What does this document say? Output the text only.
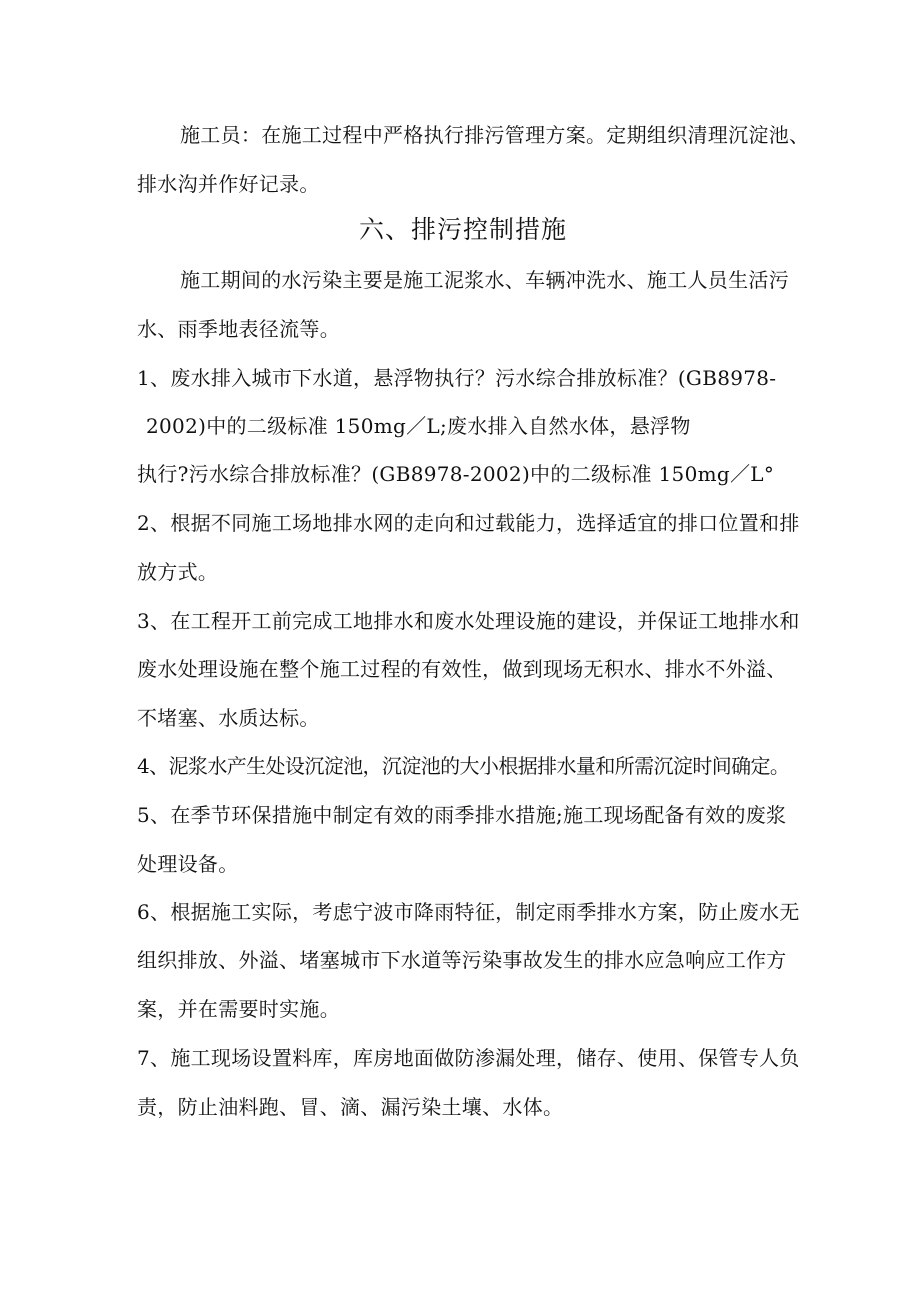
施工员：在施工过程中严格执行排污管理方案。定期组织清理沉淀池、
排水沟并作好记录。
六、排污控制措施
施工期间的水污染主要是施工泥浆水、车辆冲洗水、施工人员生活污
水、雨季地表径流等。
1、废水排入城市下水道，悬浮物执行？污水综合排放标准？(GB8978-
2002)中的二级标准 150mg／L;废水排入自然水体，悬浮物
执行?污水综合排放标准？(GB8978-2002)中的二级标准 150mg／L°
2、根据不同施工场地排水网的走向和过载能力，选择适宜的排口位置和排
放方式。
3、在工程开工前完成工地排水和废水处理设施的建设，并保证工地排水和
废水处理设施在整个施工过程的有效性，做到现场无积水、排水不外溢、
不堵塞、水质达标。
4、泥浆水产生处设沉淀池，沉淀池的大小根据排水量和所需沉淀时间确定。
5、在季节环保措施中制定有效的雨季排水措施;施工现场配备有效的废浆
处理设备。
6、根据施工实际，考虑宁波市降雨特征，制定雨季排水方案，防止废水无
组织排放、外溢、堵塞城市下水道等污染事故发生的排水应急响应工作方
案，并在需要时实施。
7、施工现场设置料库，库房地面做防渗漏处理，储存、使用、保管专人负
责，防止油料跑、冒、滴、漏污染土壤、水体。
